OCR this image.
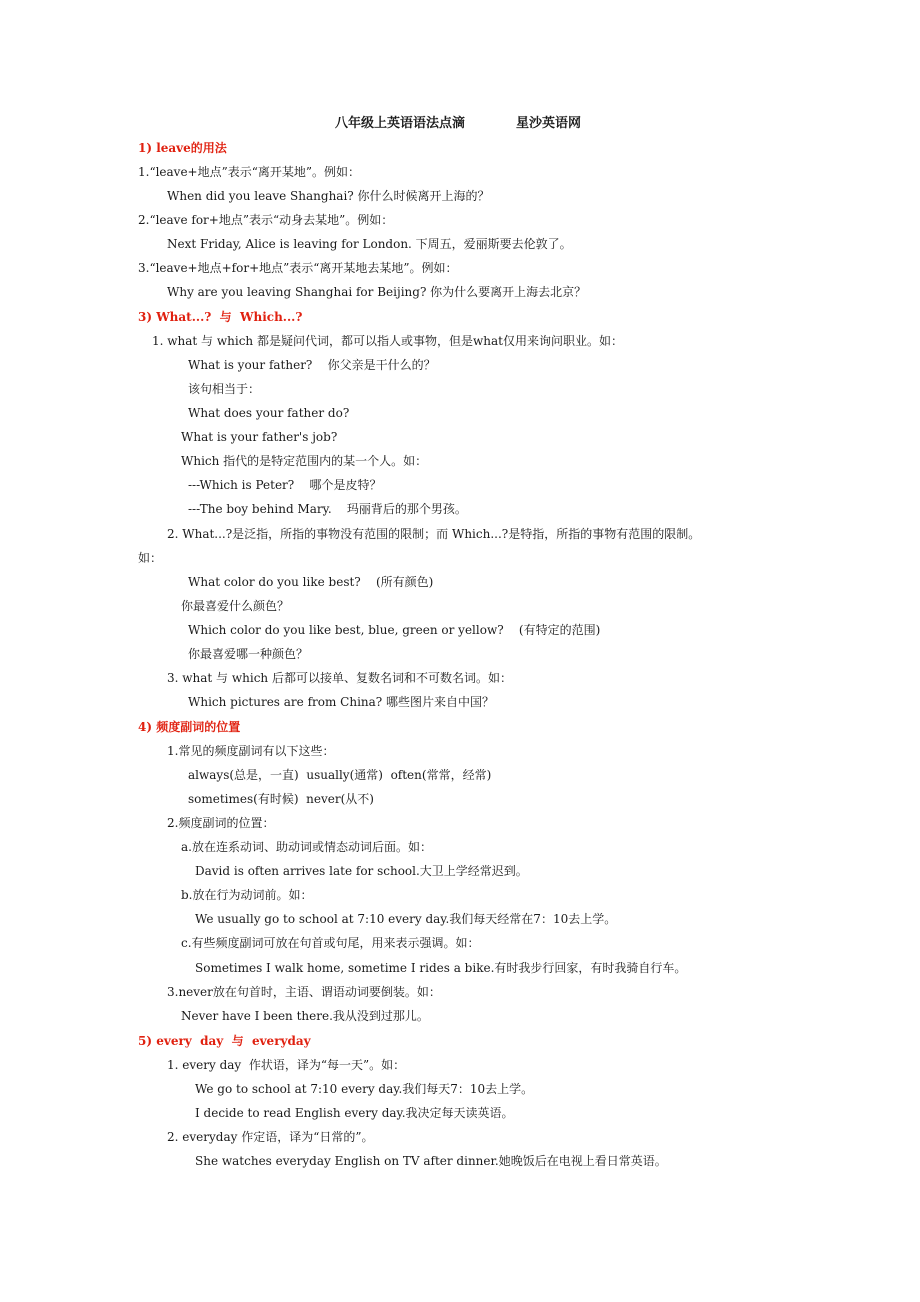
八年级上英语语法点滴	星沙英语网
1) leave的用法
1.“leave+地点”表示“离开某地”。例如：
When did you leave Shanghai? 你什么时候离开上海的？
2.“leave for+地点”表示“动身去某地”。例如：
Next Friday, Alice is leaving for London. 下周五，爱丽斯要去伦敦了。
3.“leave+地点+for+地点”表示“离开某地去某地”。例如：
Why are you leaving Shanghai for Beijing? 你为什么要离开上海去北京？
3) What...?  与  Which...?
1. what 与 which 都是疑问代词，都可以指人或事物，但是what仅用来询问职业。如：
What is your father?    你父亲是干什么的？
该句相当于：
What does your father do?
What is your father's job?
Which 指代的是特定范围内的某一个人。如：
---Which is Peter?    哪个是皮特？
---The boy behind Mary.    玛丽背后的那个男孩。
2. What...?是泛指，所指的事物没有范围的限制；而 Which...?是特指，所指的事物有范围的限制。
如：
What color do you like best?    (所有颜色)
你最喜爱什么颜色？
Which color do you like best, blue, green or yellow?    (有特定的范围)
你最喜爱哪一种颜色？
3. what 与 which 后都可以接单、复数名词和不可数名词。如：
Which pictures are from China? 哪些图片来自中国？
4) 频度副词的位置
1.常见的频度副词有以下这些：
always(总是，一直)  usually(通常)  often(常常，经常)
sometimes(有时候)  never(从不)
2.频度副词的位置：
a.放在连系动词、助动词或情态动词后面。如：
David is often arrives late for school.大卫上学经常迟到。
b.放在行为动词前。如：
We usually go to school at 7:10 every day.我们每天经常在7：10去上学。
c.有些频度副词可放在句首或句尾，用来表示强调。如：
Sometimes I walk home, sometime I rides a bike.有时我步行回家，有时我骑自行车。
3.never放在句首时，主语、谓语动词要倒装。如：
Never have I been there.我从没到过那儿。
5) every  day  与  everyday
1. every day  作状语，译为“每一天”。如：
We go to school at 7:10 every day.我们每天7：10去上学。
I decide to read English every day.我决定每天读英语。
2. everyday 作定语，译为“日常的”。
She watches everyday English on TV after dinner.她晚饭后在电视上看日常英语。
